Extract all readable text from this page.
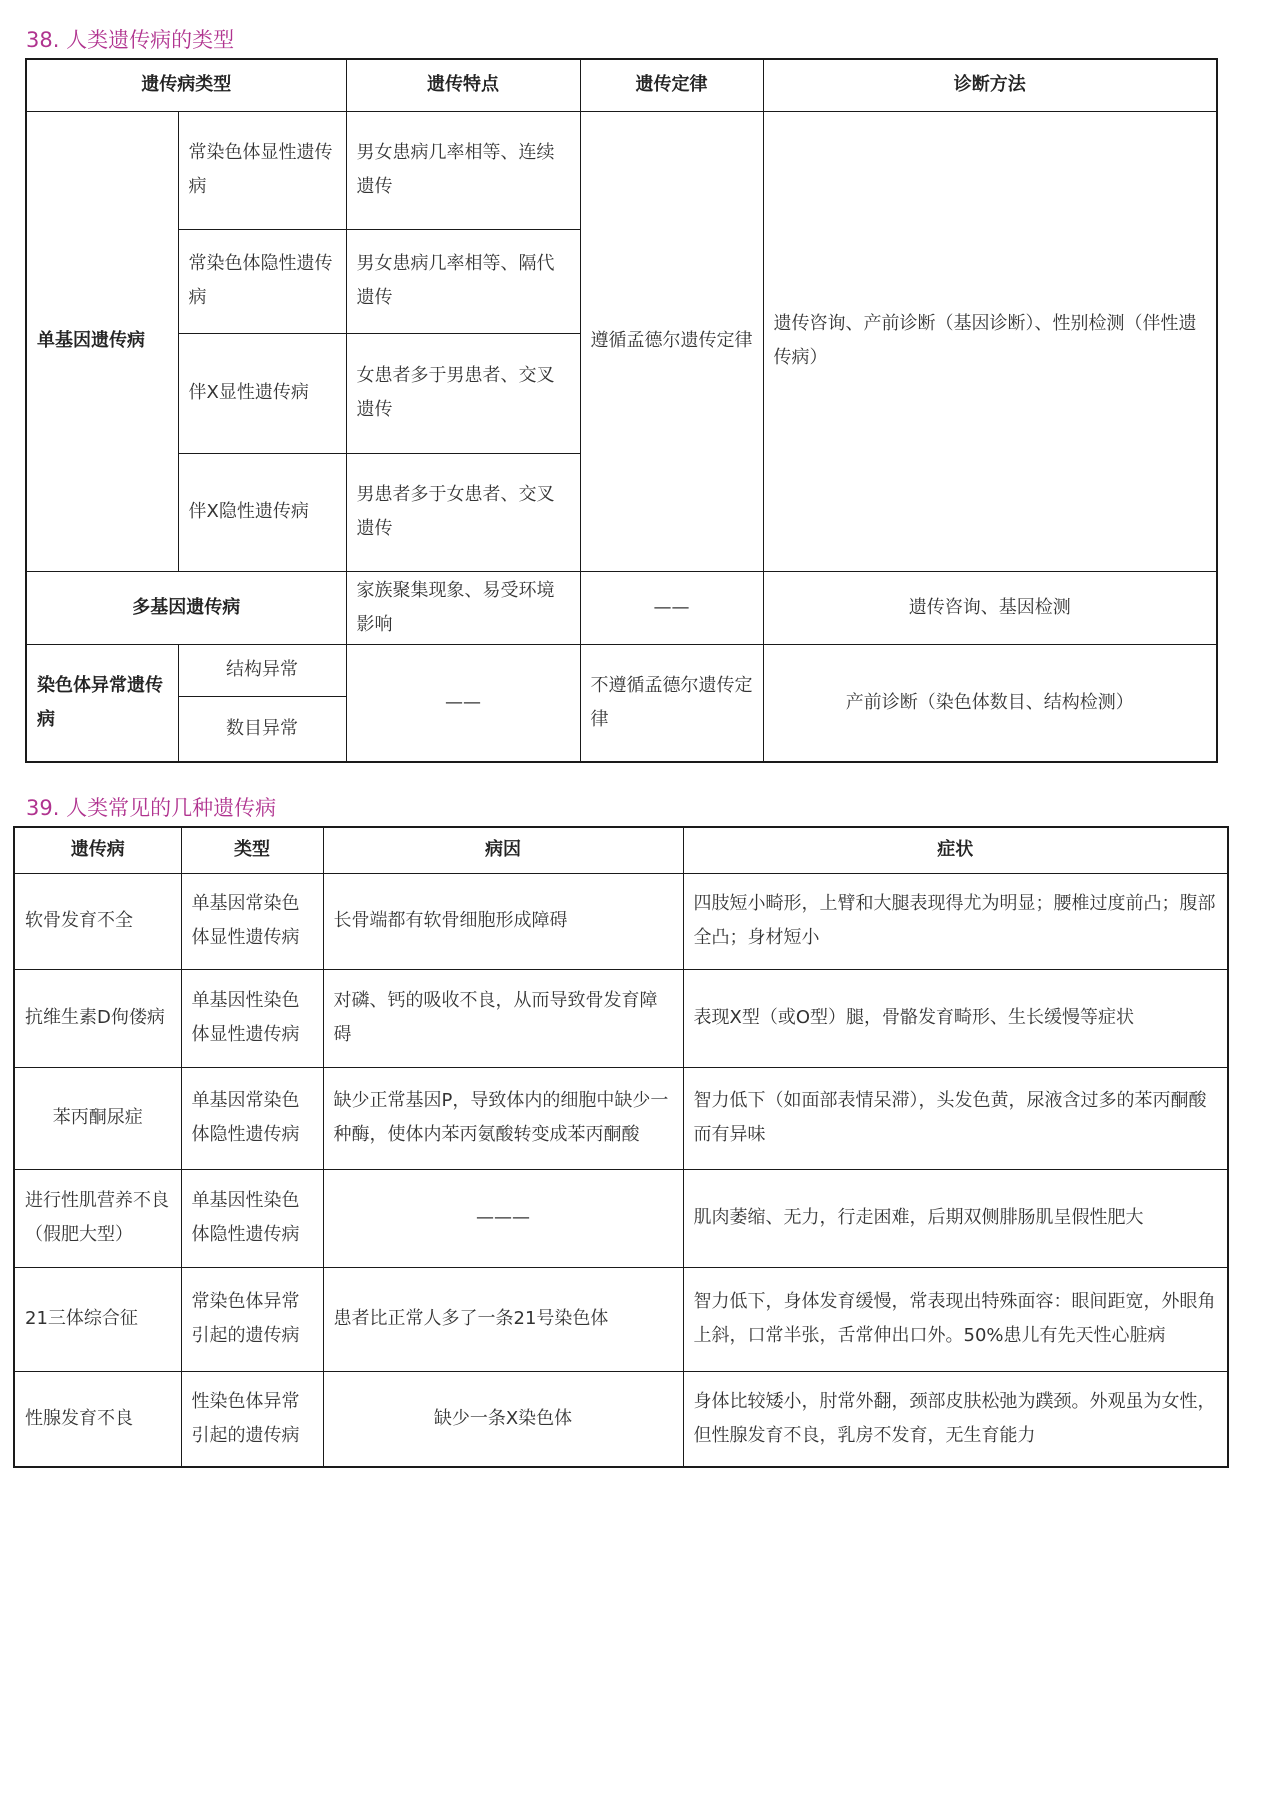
38. 人类遗传病的类型
遗传病类型		遗传特点	遗传定律	诊断方法
单基因遗传病	常染色体显性遗传病	男女患病几率相等、连续遗传	遵循孟德尔遗传定律	遗传咨询、产前诊断（基因诊断）、性别检测（伴性遗传病）
	常染色体隐性遗传病	男女患病几率相等、隔代遗传		
	伴X显性遗传病	女患者多于男患者、交叉遗传		
	伴X隐性遗传病	男患者多于女患者、交叉遗传		
多基因遗传病		家族聚集现象、易受环境影响	——	遗传咨询、基因检测
染色体异常遗传病	结构异常	——	不遵循孟德尔遗传定律	产前诊断（染色体数目、结构检测）
	数目异常			
39. 人类常见的几种遗传病
遗传病	类型	病因	症状
软骨发育不全	单基因常染色体显性遗传病	长骨端都有软骨细胞形成障碍	四肢短小畸形，上臂和大腿表现得尤为明显；腰椎过度前凸；腹部全凸；身材短小
抗维生素D佝偻病	单基因性染色体显性遗传病	对磷、钙的吸收不良，从而导致骨发育障碍	表现X型（或O型）腿，骨骼发育畸形、生长缓慢等症状
苯丙酮尿症	单基因常染色体隐性遗传病	缺少正常基因P，导致体内的细胞中缺少一种酶，使体内苯丙氨酸转变成苯丙酮酸	智力低下（如面部表情呆滞），头发色黄，尿液含过多的苯丙酮酸而有异味
进行性肌营养不良（假肥大型）	单基因性染色体隐性遗传病	———	肌肉萎缩、无力，行走困难，后期双侧腓肠肌呈假性肥大
21三体综合征	常染色体异常引起的遗传病	患者比正常人多了一条21号染色体	智力低下，身体发育缓慢，常表现出特殊面容：眼间距宽，外眼角上斜，口常半张，舌常伸出口外。50%患儿有先天性心脏病
性腺发育不良	性染色体异常引起的遗传病	缺少一条X染色体	身体比较矮小，肘常外翻，颈部皮肤松弛为蹼颈。外观虽为女性，但性腺发育不良，乳房不发育，无生育能力
